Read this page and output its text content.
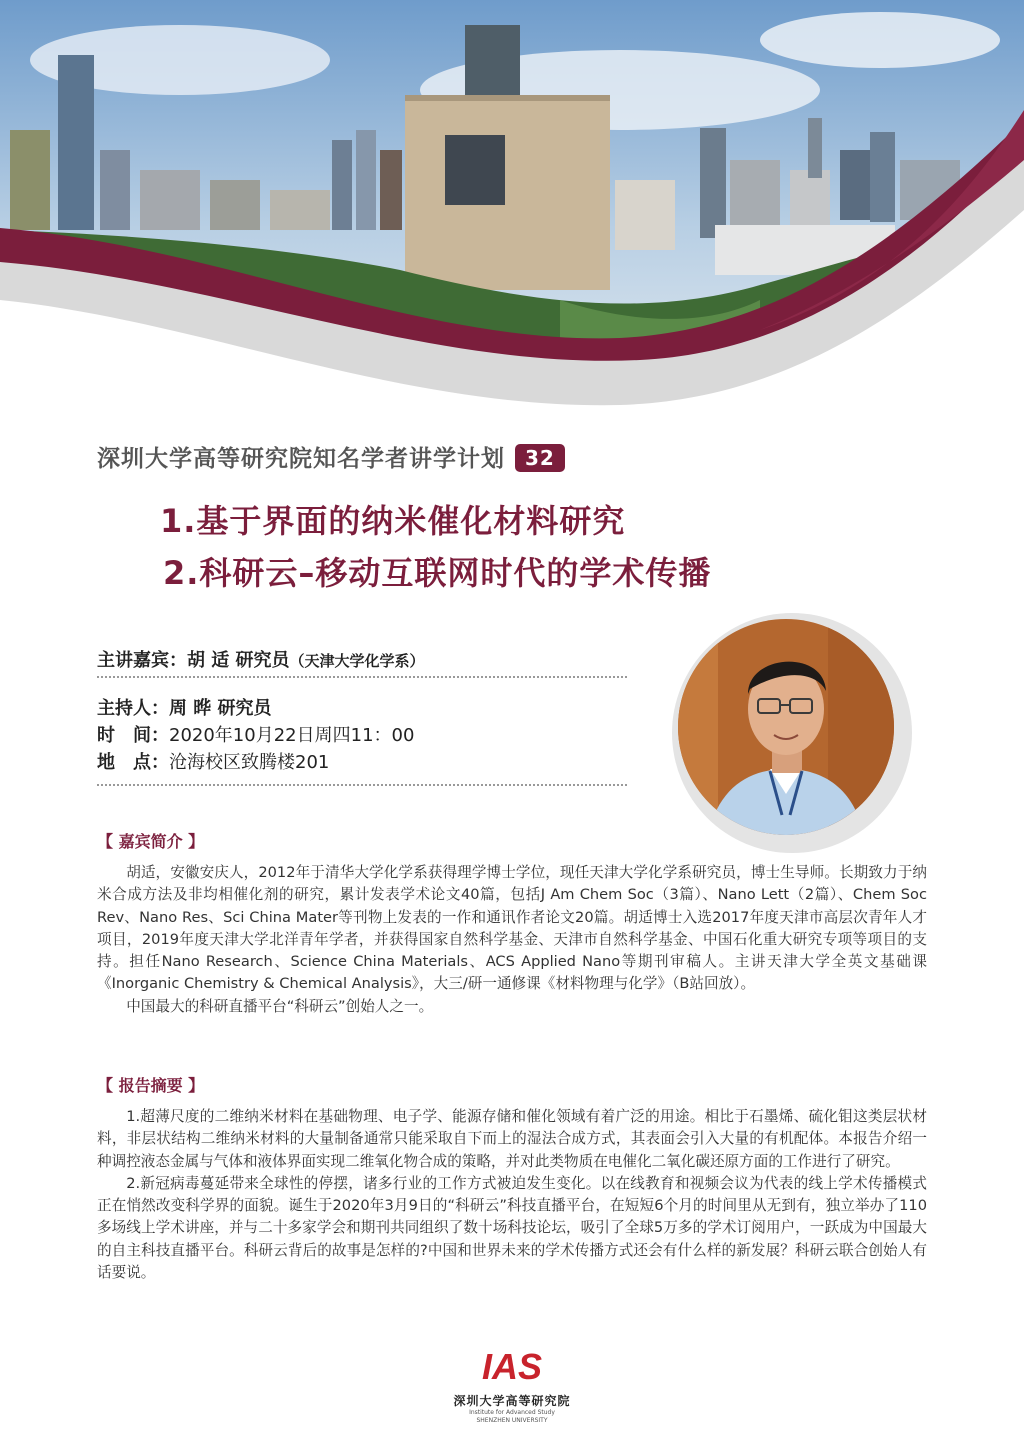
深圳大学高等研究院知名学者讲学计划 32
1.基于界面的纳米催化材料研究
2.科研云–移动互联网时代的学术传播
主讲嘉宾：胡 适 研究员（天津大学化学系）
主持人：周 晔 研究员
时　间：2020年10月22日周四11：00
地　点：沧海校区致腾楼201
【 嘉宾简介 】

胡适，安徽安庆人，2012年于清华大学化学系获得理学博士学位，现任天津大学化学系研究员，博士生导师。长期致力于纳米合成方法及非均相催化剂的研究，累计发表学术论文40篇，包括J Am Chem Soc（3篇）、Nano Lett（2篇）、Chem Soc Rev、Nano Res、Sci China Mater等刊物上发表的一作和通讯作者论文20篇。胡适博士入选2017年度天津市高层次青年人才项目，2019年度天津大学北洋青年学者，并获得国家自然科学基金、天津市自然科学基金、中国石化重大研究专项等项目的支持。担任Nano Research、Science China Materials、ACS Applied Nano等期刊审稿人。主讲天津大学全英文基础课《Inorganic Chemistry & Chemical Analysis》，大三/研一通修课《材料物理与化学》（B站回放）。

中国最大的科研直播平台“科研云”创始人之一。

【 报告摘要 】

1.超薄尺度的二维纳米材料在基础物理、电子学、能源存储和催化领域有着广泛的用途。相比于石墨烯、硫化钼这类层状材料，非层状结构二维纳米材料的大量制备通常只能采取自下而上的湿法合成方式，其表面会引入大量的有机配体。本报告介绍一种调控液态金属与气体和液体界面实现二维氧化物合成的策略，并对此类物质在电催化二氧化碳还原方面的工作进行了研究。

2.新冠病毒蔓延带来全球性的停摆，诸多行业的工作方式被迫发生变化。以在线教育和视频会议为代表的线上学术传播模式正在悄然改变科学界的面貌。诞生于2020年3月9日的“科研云”科技直播平台，在短短6个月的时间里从无到有，独立举办了110多场线上学术讲座，并与二十多家学会和期刊共同组织了数十场科技论坛，吸引了全球5万多的学术订阅用户，一跃成为中国最大的自主科技直播平台。科研云背后的故事是怎样的?中国和世界未来的学术传播方式还会有什么样的新发展？科研云联合创始人有话要说。

IAS
深圳大学高等研究院
Institute for Advanced Study
SHENZHEN UNIVERSITY
